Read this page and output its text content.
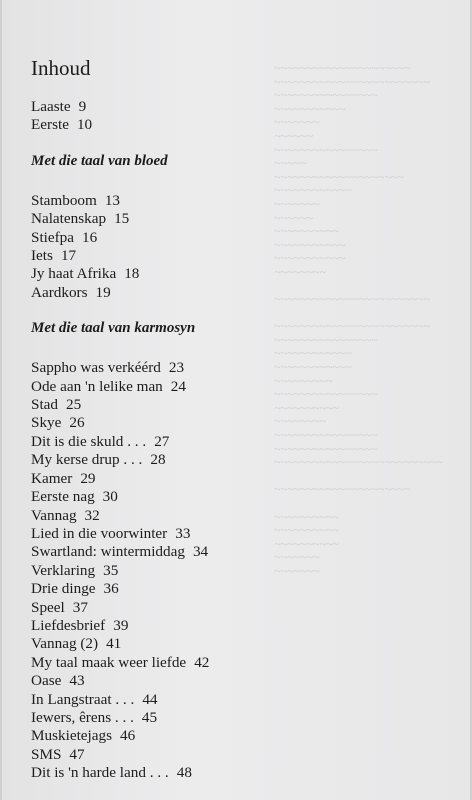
~~~~~~~~~~~~~~~~~~~~~
~~~~~~~~~~~~~~~~~~~~~~~~
~~~~~~~~~~~~~~~~
~~~~~~~~~~~
~~~~~~~
~~~~~~
~~~~~~~~~~~~~~~~
~~~~~
~~~~~~~~~~~~~~~~~~~~
~~~~~~~~~~~~
~~~~~~~
~~~~~~
~~~~~~~~~~
~~~~~~~~~~~
~~~~~~~~~~~
~~~~~~~~

~~~~~~~~~~~~~~~~~~~~~~~~

~~~~~~~~~~~~~~~~~~~~~~~~
~~~~~~~~~~~~~~~~
~~~~~~~~~~~~
~~~~~~~~~~~~
~~~~~~~~~
~~~~~~~~~~~~~~~~
~~~~~~~~~~
~~~~~~~~
~~~~~~~~~~~~~~~~
~~~~~~~~~~~~~~~~
~~~~~~~~~~~~~~~~~~~~~~~~~~

~~~~~~~~~~~~~~~~~~~~~

~~~~~~~~~~
~~~~~~~~~~
~~~~~~~~~~
~~~~~~~
~~~~~~~
Inhoud
Laaste 9
Eerste 10
Met die taal van bloed
Stamboom 13
Nalatenskap 15
Stiefpa 16
Iets 17
Jy haat Afrika 18
Aardkors 19
Met die taal van karmosyn
Sappho was verkéérd 23
Ode aan 'n lelike man 24
Stad 25
Skye 26
Dit is die skuld . . . 27
My kerse drup . . . 28
Kamer 29
Eerste nag 30
Vannag 32
Lied in die voorwinter 33
Swartland: wintermiddag 34
Verklaring 35
Drie dinge 36
Speel 37
Liefdesbrief 39
Vannag (2) 41
My taal maak weer liefde 42
Oase 43
In Langstraat . . . 44
Iewers, êrens . . . 45
Muskietejags 46
SMS 47
Dit is 'n harde land . . . 48
